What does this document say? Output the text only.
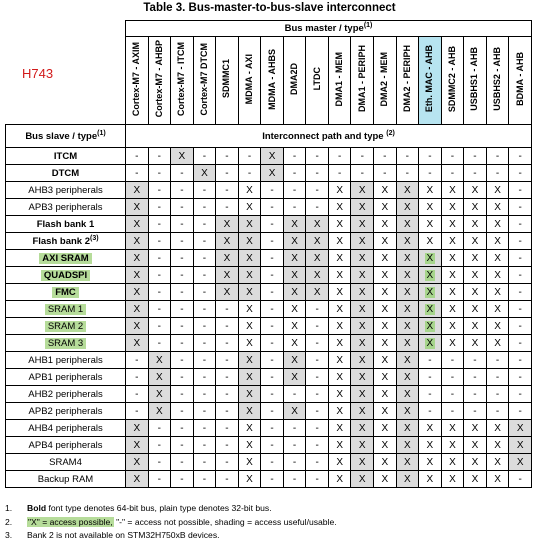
Table 3. Bus-master-to-bus-slave interconnect
H743
	Bus master / type$^{(1)}$
	Cortex-M7 - AXIM	Cortex-M7 - AHBP	Cortex-M7 - ITCM	Cortex-M7 DTCM	SDMMC1	MDMA - AXI	MDMA - AHBS	DMA2D	LTDC	DMA1 - MEM	DMA1 - PERIPH	DMA2 - MEM	DMA2 - PERIPH	Eth. MAC - AHB	SDMMC2 - AHB	USBHS1 - AHB	USBHS2 - AHB	BDMA - AHB
Bus slave / type$^{(1)}$	Interconnect path and type $^{(2)}$
ITCM	-	-	X	-	-	-	X	-	-	-	-	-	-	-	-	-	-	-
DTCM	-	-	-	X	-	-	X	-	-	-	-	-	-	-	-	-	-	-
AHB3 peripherals	X	-	-	-	-	X	-	-	-	X	X	X	X	X	X	X	X	-
APB3 peripherals	X	-	-	-	-	X	-	-	-	X	X	X	X	X	X	X	X	-
Flash bank 1	X	-	-	-	X	X	-	X	X	X	X	X	X	X	X	X	X	-
Flash bank 2$^{(3)}$	X	-	-	-	X	X	-	X	X	X	X	X	X	X	X	X	X	-
AXI SRAM	X	-	-	-	X	X	-	X	X	X	X	X	X	X	X	X	X	-
QUADSPI	X	-	-	-	X	X	-	X	X	X	X	X	X	X	X	X	X	-
FMC	X	-	-	-	X	X	-	X	X	X	X	X	X	X	X	X	X	-
SRAM 1	X	-	-	-	-	X	-	X	-	X	X	X	X	X	X	X	X	-
SRAM 2	X	-	-	-	-	X	-	X	-	X	X	X	X	X	X	X	X	-
SRAM 3	X	-	-	-	-	X	-	X	-	X	X	X	X	X	X	X	X	-
AHB1 peripherals	-	X	-	-	-	X	-	X	-	X	X	X	X	-	-	-	-	-
APB1 peripherals	-	X	-	-	-	X	-	X	-	X	X	X	X	-	-	-	-	-
AHB2 peripherals	-	X	-	-	-	X	-	-	-	X	X	X	X	-	-	-	-	-
APB2 peripherals	-	X	-	-	-	X	-	X	-	X	X	X	X	-	-	-	-	-
AHB4 peripherals	X	-	-	-	-	X	-	-	-	X	X	X	X	X	X	X	X	X
APB4 peripherals	X	-	-	-	-	X	-	-	-	X	X	X	X	X	X	X	X	X
SRAM4	X	-	-	-	-	X	-	-	-	X	X	X	X	X	X	X	X	X
Backup RAM	X	-	-	-	-	X	-	-	-	X	X	X	X	X	X	X	X	-
1. Bold font type denotes 64-bit bus, plain type denotes 32-bit bus.
2. "X" = access possible, "-" = access not possible, shading = access useful/usable.
3. Bank 2 is not available on STM32H750xB devices.
